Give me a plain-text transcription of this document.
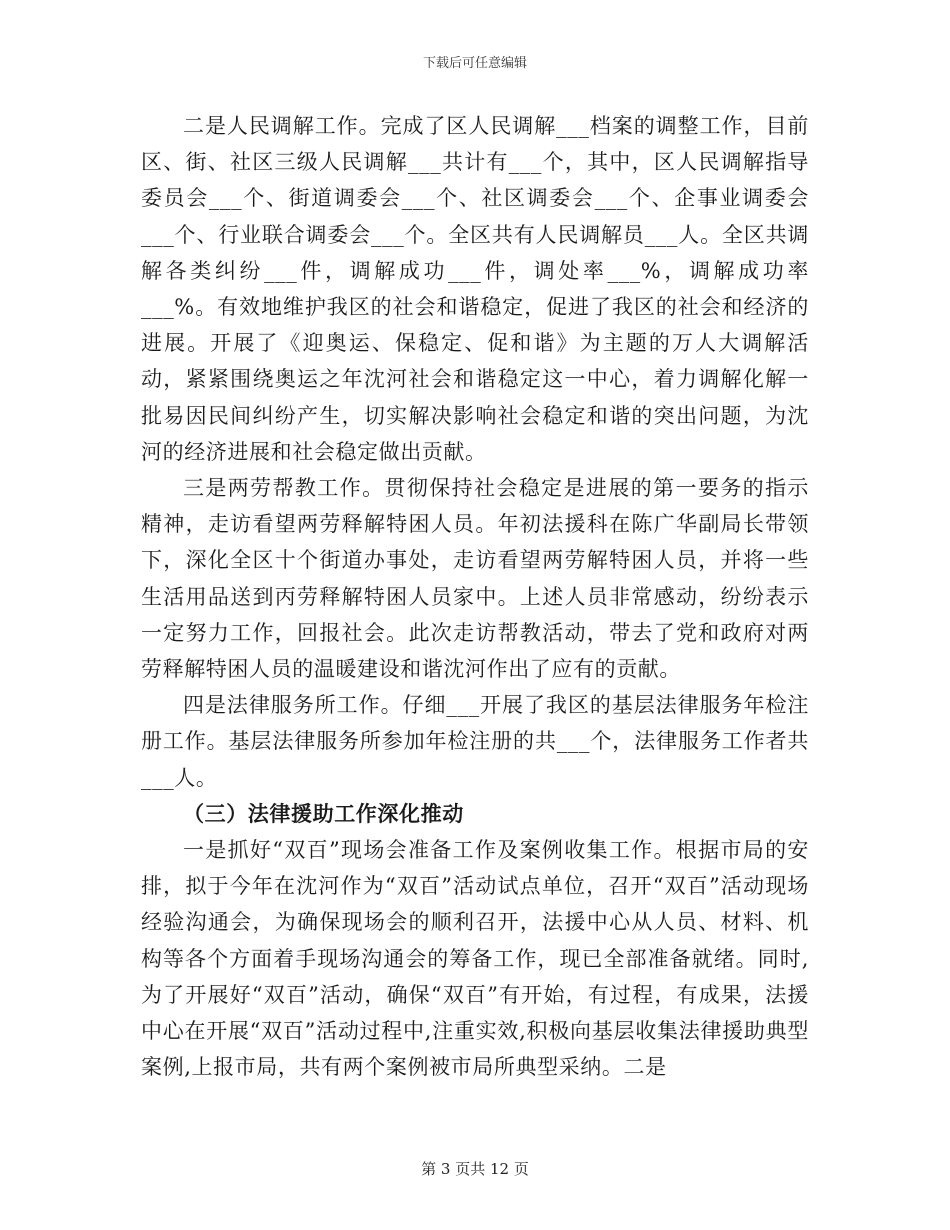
下载后可任意编辑

二是人民调解工作。完成了区人民调解___档案的调整工作，目前区、街、社区三级人民调解___共计有___个，其中，区人民调解指导委员会___个、街道调委会___个、社区调委会___个、企事业调委会___个、行业联合调委会___个。全区共有人民调解员___人。全区共调解各类纠纷___件，调解成功___件，调处率___%，调解成功率___%。有效地维护我区的社会和谐稳定，促进了我区的社会和经济的进展。开展了《迎奥运、保稳定、促和谐》为主题的万人大调解活动，紧紧围绕奥运之年沈河社会和谐稳定这一中心，着力调解化解一批易因民间纠纷产生，切实解决影响社会稳定和谐的突出问题，为沈河的经济进展和社会稳定做出贡献。

三是两劳帮教工作。贯彻保持社会稳定是进展的第一要务的指示精神，走访看望两劳释解特困人员。年初法援科在陈广华副局长带领下，深化全区十个街道办事处，走访看望两劳解特困人员，并将一些生活用品送到丙劳释解特困人员家中。上述人员非常感动，纷纷表示一定努力工作，回报社会。此次走访帮教活动，带去了党和政府对两劳释解特困人员的温暖建设和谐沈河作出了应有的贡献。

四是法律服务所工作。仔细___开展了我区的基层法律服务年检注册工作。基层法律服务所参加年检注册的共___个，法律服务工作者共___人。

（三）法律援助工作深化推动

一是抓好“双百”现场会准备工作及案例收集工作。根据市局的安排，拟于今年在沈河作为“双百”活动试点单位，召开“双百”活动现场经验沟通会，为确保现场会的顺利召开，法援中心从人员、材料、机构等各个方面着手现场沟通会的筹备工作，现已全部准备就绪。同时,为了开展好“双百”活动，确保“双百”有开始，有过程，有成果，法援中心在开展“双百”活动过程中,注重实效,积极向基层收集法律援助典型案例,上报市局，共有两个案例被市局所典型采纳。二是

第 3 页共 12 页
